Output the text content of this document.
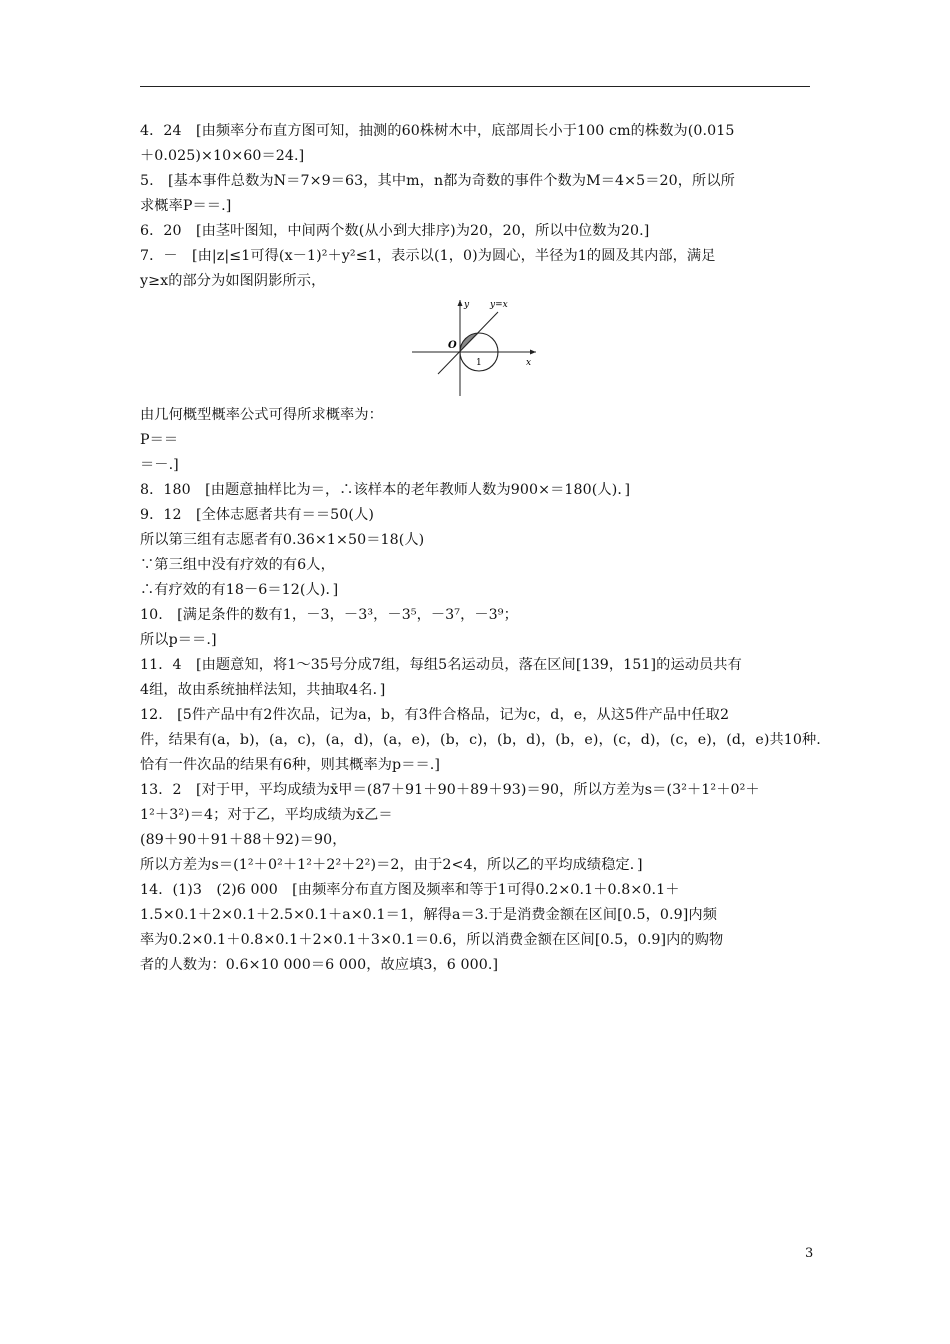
4．24　[由频率分布直方图可知，抽测的60株树木中，底部周长小于100 cm的株数为(0.015
＋0.025)×10×60＝24.]
5.　[基本事件总数为N＝7×9＝63，其中m，n都为奇数的事件个数为M＝4×5＝20，所以所
求概率P＝＝.]
6．20　[由茎叶图知，中间两个数(从小到大排序)为20，20，所以中位数为20.]
7．－　[由|z|≤1可得(x－1)²＋y²≤1，表示以(1，0)为圆心，半径为1的圆及其内部，满足
y≥x的部分为如图阴影所示，
y y=x
O
1	x
由几何概型概率公式可得所求概率为：
P＝＝
＝－.]
8．180　[由题意抽样比为＝，∴该样本的老年教师人数为900×＝180(人)．]
9．12　[全体志愿者共有＝＝50(人)
所以第三组有志愿者有0.36×1×50＝18(人)
∵第三组中没有疗效的有6人，
∴有疗效的有18－6＝12(人)．]
10.　[满足条件的数有1，－3，－3³，－3⁵，－3⁷，－3⁹；
所以p＝＝.]
11．4　[由题意知，将1～35号分成7组，每组5名运动员，落在区间[139，151]的运动员共有
4组，故由系统抽样法知，共抽取4名．]
12.　[5件产品中有2件次品，记为a，b，有3件合格品，记为c，d，e，从这5件产品中任取2
件，结果有(a，b)，(a，c)，(a，d)，(a，e)，(b，c)，(b，d)，(b，e)，(c，d)，(c，e)，(d，e)共10种.
恰有一件次品的结果有6种，则其概率为p＝＝.]
13．2　[对于甲，平均成绩为x̄甲＝(87＋91＋90＋89＋93)＝90，所以方差为s＝(3²＋1²＋0²＋
1²＋3²)＝4；对于乙，平均成绩为x̄乙＝
(89＋90＋91＋88＋92)＝90，
所以方差为s＝(1²＋0²＋1²＋2²＋2²)＝2，由于2<4，所以乙的平均成绩稳定．]
14．(1)3　(2)6 000　[由频率分布直方图及频率和等于1可得0.2×0.1＋0.8×0.1＋
1.5×0.1＋2×0.1＋2.5×0.1＋a×0.1＝1，解得a＝3.于是消费金额在区间[0.5，0.9]内频
率为0.2×0.1＋0.8×0.1＋2×0.1＋3×0.1＝0.6，所以消费金额在区间[0.5，0.9]内的购物
者的人数为：0.6×10 000＝6 000，故应填3，6 000.]
3
